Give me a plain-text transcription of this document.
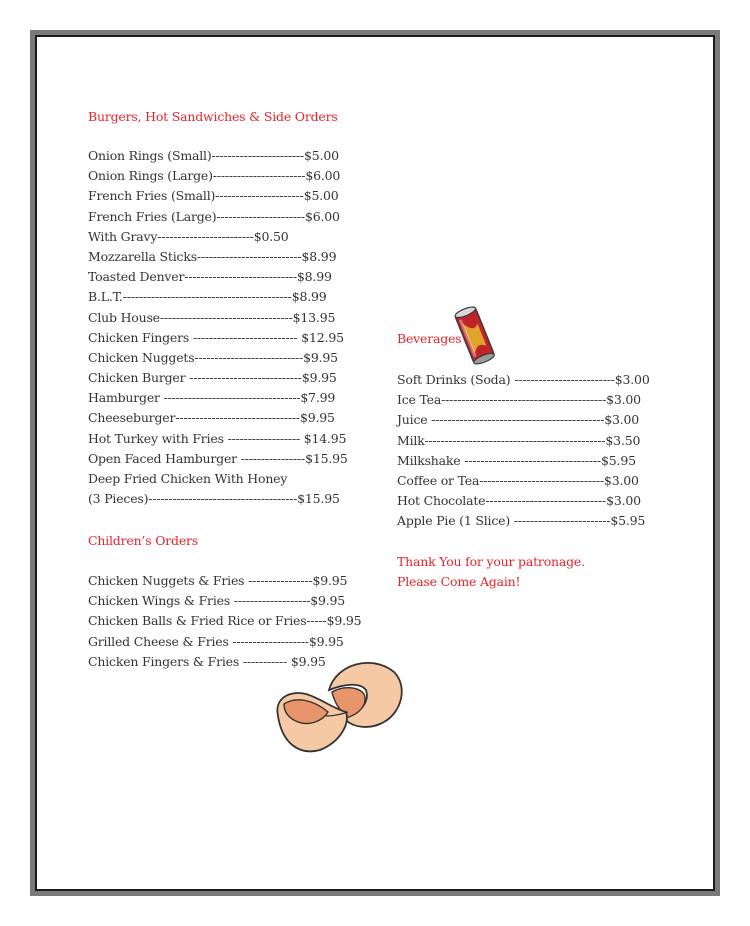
Burgers, Hot Sandwiches & Side Orders
Onion Rings (Small)-----------------------$5.00
Onion Rings (Large)-----------------------$6.00
French Fries (Small)----------------------$5.00
French Fries (Large)----------------------$6.00
With Gravy------------------------$0.50
Mozzarella Sticks--------------------------$8.99
Toasted Denver----------------------------$8.99
B.L.T.------------------------------------------$8.99
Club House---------------------------------$13.95
Chicken Fingers -------------------------- $12.95
Chicken Nuggets---------------------------$9.95
Chicken Burger ----------------------------$9.95
Hamburger ----------------------------------$7.99
Cheeseburger-------------------------------$9.95
Hot Turkey with Fries ------------------ $14.95
Open Faced Hamburger ----------------$15.95
Deep Fried Chicken With Honey
(3 Pieces)-------------------------------------$15.95
Children’s Orders
Chicken Nuggets & Fries ----------------$9.95
Chicken Wings & Fries -------------------$9.95
Chicken Balls & Fried Rice or Fries-----$9.95
Grilled Cheese & Fries -------------------$9.95
Chicken Fingers & Fries ----------- $9.95
Beverages
Soft Drinks (Soda) -------------------------$3.00
Ice Tea-----------------------------------------$3.00
Juice -------------------------------------------$3.00
Milk---------------------------------------------$3.50
Milkshake ----------------------------------$5.95
Coffee or Tea-------------------------------$3.00
Hot Chocolate------------------------------$3.00
Apple Pie (1 Slice) ------------------------$5.95
Thank You for your patronage.
Please Come Again!
